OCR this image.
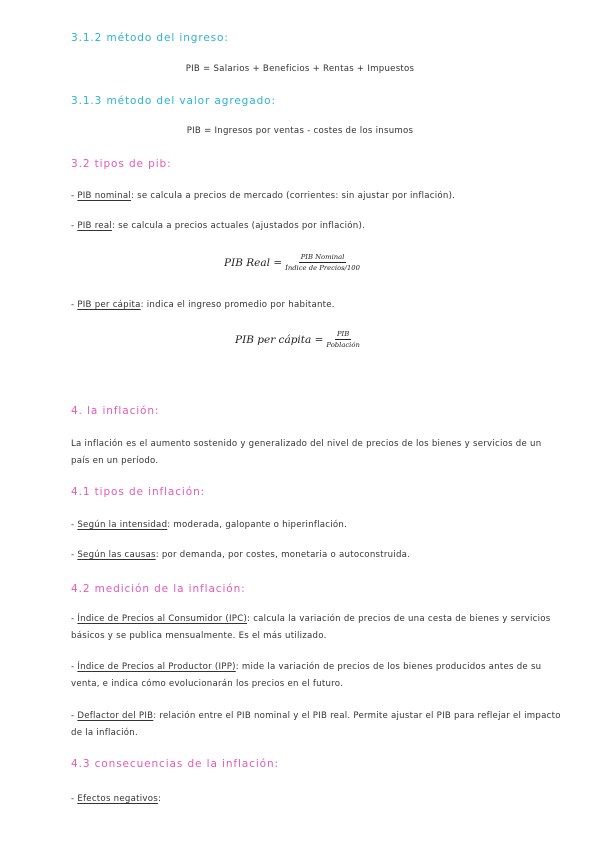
3.1.2 método del ingreso:
PIB = Salarios + Beneficios + Rentas + Impuestos
3.1.3 método del valor agregado:
PIB = Ingresos por ventas - costes de los insumos
3.2 tipos de pib:
- PIB nominal: se calcula a precios de mercado (corrientes: sin ajustar por inflación).
- PIB real: se calcula a precios actuales (ajustados por inflación).
PIB Real = $\frac{\text{PIB Nominal}}{\text{Índice de Precios/100}}$
- PIB per cápita: indica el ingreso promedio por habitante.
PIB per cápita = $\frac{\text{PIB}}{\text{Población}}$
4. la inflación:
La inflación es el aumento sostenido y generalizado del nivel de precios de los bienes y servicios de un país en un período.
4.1 tipos de inflación:
- Según la intensidad: moderada, galopante o hiperinflación.
- Según las causas: por demanda, por costes, monetaria o autoconstruida.
4.2 medición de la inflación:
- Índice de Precios al Consumidor (IPC): calcula la variación de precios de una cesta de bienes y servicios básicos y se publica mensualmente. Es el más utilizado.
- Índice de Precios al Productor (IPP): mide la variación de precios de los bienes producidos antes de su venta, e indica cómo evolucionarán los precios en el futuro.
- Deflactor del PIB: relación entre el PIB nominal y el PIB real. Permite ajustar el PIB para reflejar el impacto de la inflación.
4.3 consecuencias de la inflación:
- Efectos negativos:
